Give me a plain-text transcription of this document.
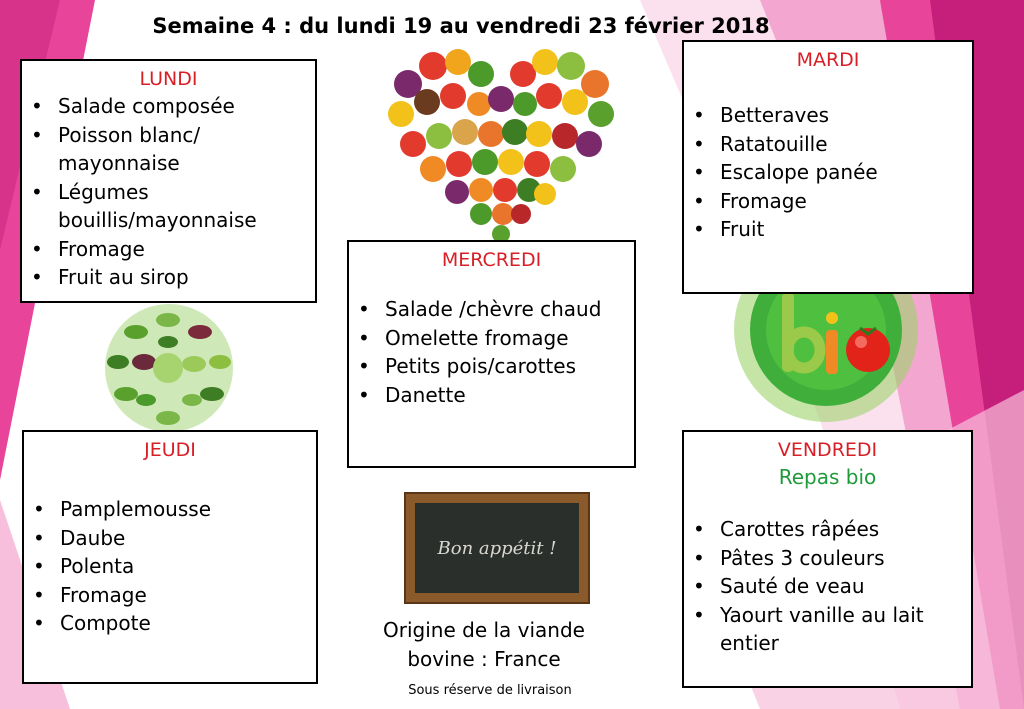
Semaine 4 : du lundi 19 au vendredi 23 février 2018
LUNDI
• Salade composée
• Poisson blanc/ mayonnaise
• Légumes bouillis/mayonnaise
• Fromage
• Fruit au sirop
MARDI
• Betteraves
• Ratatouille
• Escalope panée
• Fromage
• Fruit
MERCREDI
• Salade /chèvre chaud
• Omelette fromage
• Petits pois/carottes
• Danette
JEUDI
• Pamplemousse
• Daube
• Polenta
• Fromage
• Compote
VENDREDI
Repas bio
• Carottes râpées
• Pâtes 3 couleurs
• Sauté de veau
• Yaourt vanille au lait entier
Bon appétit !
Origine de la viande bovine : France
Sous réserve de livraison
